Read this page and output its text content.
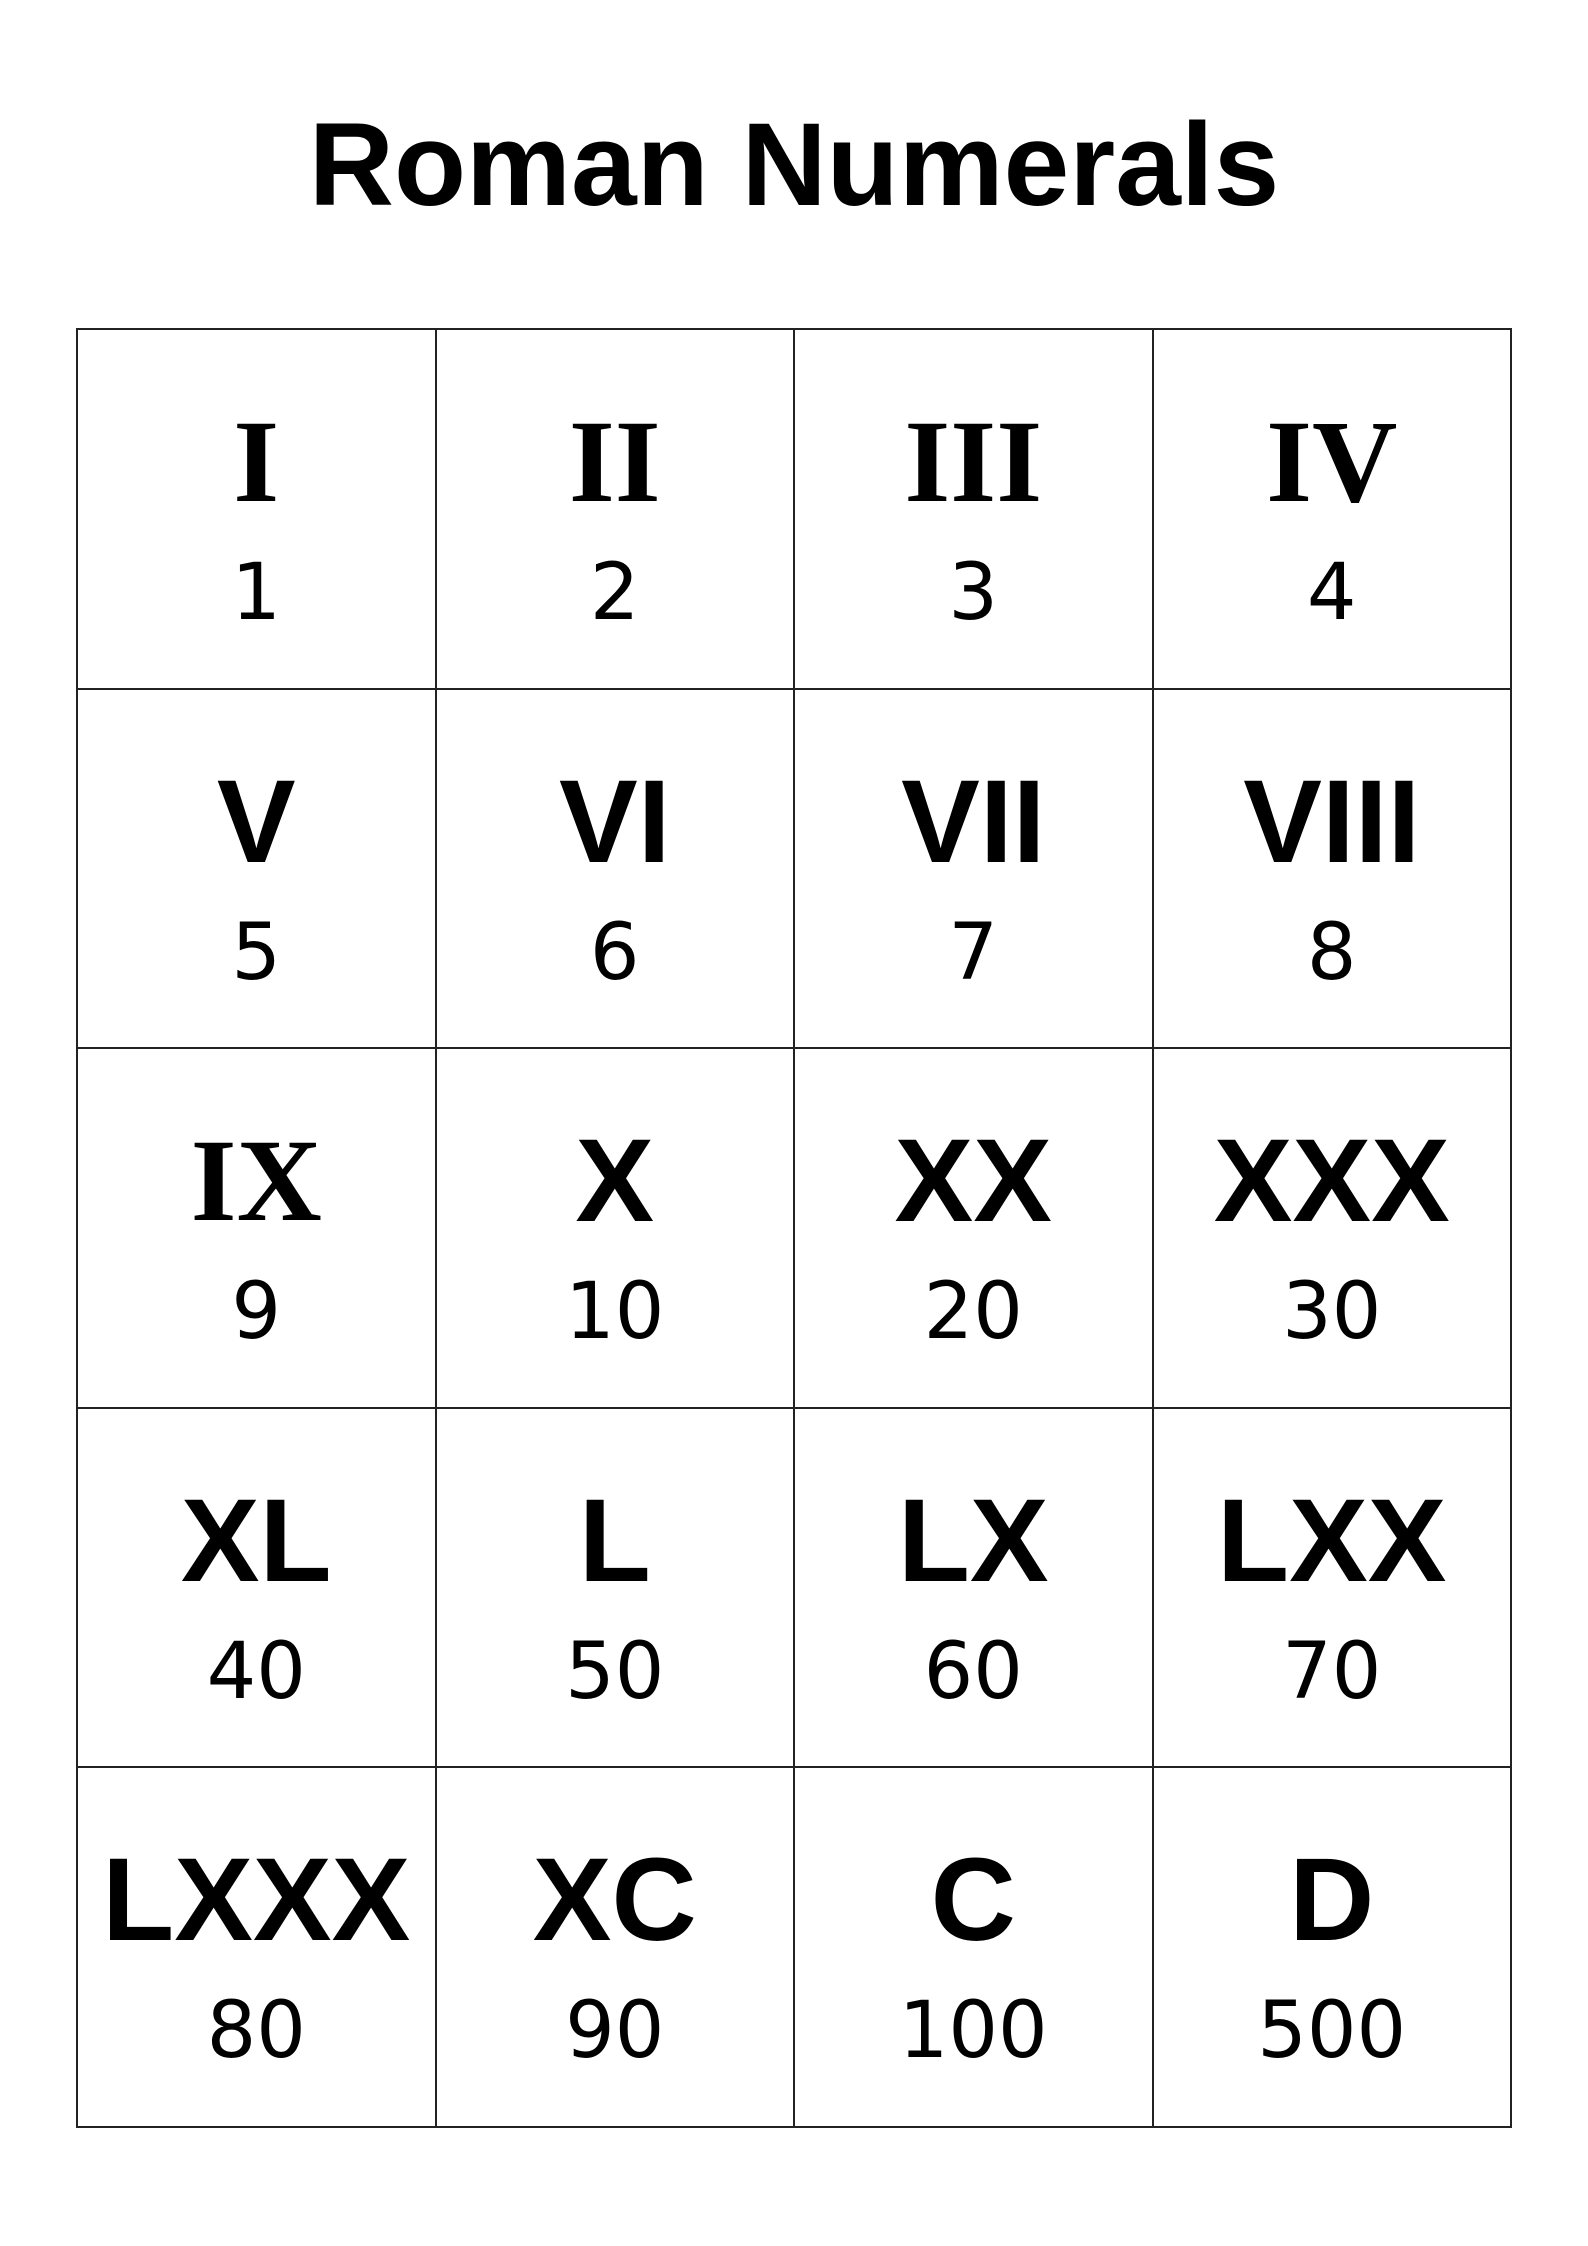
Roman Numerals
I
1
II
2
III
3
IV
4
V
5
VI
6
VII
7
VIII
8
IX
9
X
10
XX
20
XXX
30
XL
40
L
50
LX
60
LXX
70
LXXX
80
XC
90
C
100
D
500
